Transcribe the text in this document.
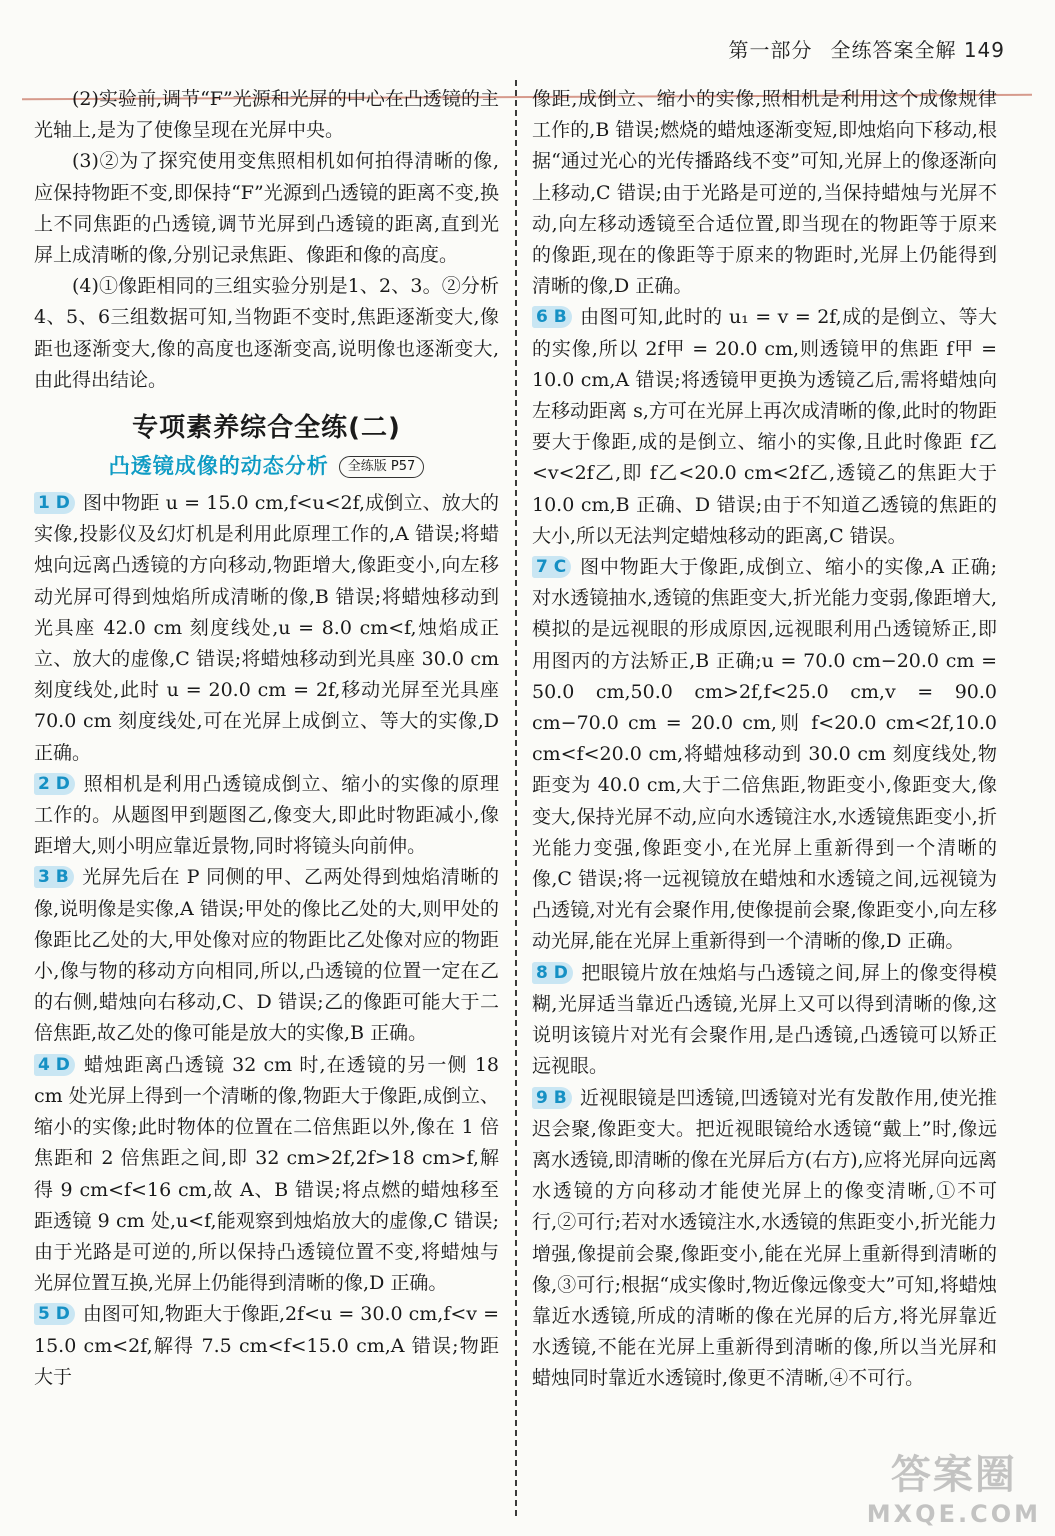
第一部分 全练答案全解 149

(2)实验前,调节“F”光源和光屏的中心在凸透镜的主光轴上,是为了使像呈现在光屏中央。

(3)②为了探究使用变焦照相机如何拍得清晰的像,应保持物距不变,即保持“F”光源到凸透镜的距离不变,换上不同焦距的凸透镜,调节光屏到凸透镜的距离,直到光屏上成清晰的像,分别记录焦距、像距和像的高度。

(4)①像距相同的三组实验分别是1、2、3。②分析4、5、6三组数据可知,当物距不变时,焦距逐渐变大,像距也逐渐变大,像的高度也逐渐变高,说明像也逐渐变大,由此得出结论。

专项素养综合全练(二)
凸透镜成像的动态分析	全练版 P57

1 D 图中物距 u = 15.0 cm,f<u<2f,成倒立、放大的实像,投影仪及幻灯机是利用此原理工作的,A 错误;将蜡烛向远离凸透镜的方向移动,物距增大,像距变小,向左移动光屏可得到烛焰所成清晰的像,B 错误;将蜡烛移动到光具座 42.0 cm 刻度线处,u = 8.0 cm<f,烛焰成正立、放大的虚像,C 错误;将蜡烛移动到光具座 30.0 cm 刻度线处,此时 u = 20.0 cm = 2f,移动光屏至光具座 70.0 cm 刻度线处,可在光屏上成倒立、等大的实像,D 正确。

2 D 照相机是利用凸透镜成倒立、缩小的实像的原理工作的。从题图甲到题图乙,像变大,即此时物距减小,像距增大,则小明应靠近景物,同时将镜头向前伸。

3 B 光屏先后在 P 同侧的甲、乙两处得到烛焰清晰的像,说明像是实像,A 错误;甲处的像比乙处的大,则甲处的像距比乙处的大,甲处像对应的物距比乙处像对应的物距小,像与物的移动方向相同,所以,凸透镜的位置一定在乙的右侧,蜡烛向右移动,C、D 错误;乙的像距可能大于二倍焦距,故乙处的像可能是放大的实像,B 正确。

4 D 蜡烛距离凸透镜 32 cm 时,在透镜的另一侧 18 cm 处光屏上得到一个清晰的像,物距大于像距,成倒立、缩小的实像;此时物体的位置在二倍焦距以外,像在 1 倍焦距和 2 倍焦距之间,即 32 cm>2f,2f>18 cm>f,解得 9 cm<f<16 cm,故 A、B 错误;将点燃的蜡烛移至距透镜 9 cm 处,u<f,能观察到烛焰放大的虚像,C 错误;由于光路是可逆的,所以保持凸透镜位置不变,将蜡烛与光屏位置互换,光屏上仍能得到清晰的像,D 正确。

5 D 由图可知,物距大于像距,2f<u = 30.0 cm,f<v = 15.0 cm<2f,解得 7.5 cm<f<15.0 cm,A 错误;物距大于

像距,成倒立、缩小的实像,照相机是利用这个成像规律工作的,B 错误;燃烧的蜡烛逐渐变短,即烛焰向下移动,根据“通过光心的光传播路线不变”可知,光屏上的像逐渐向上移动,C 错误;由于光路是可逆的,当保持蜡烛与光屏不动,向左移动透镜至合适位置,即当现在的物距等于原来的像距,现在的像距等于原来的物距时,光屏上仍能得到清晰的像,D 正确。

6 B 由图可知,此时的 u₁ = v = 2f,成的是倒立、等大的实像,所以 2f甲 = 20.0 cm,则透镜甲的焦距 f甲 = 10.0 cm,A 错误;将透镜甲更换为透镜乙后,需将蜡烛向左移动距离 s,方可在光屏上再次成清晰的像,此时的物距要大于像距,成的是倒立、缩小的实像,且此时像距 f乙<v<2f乙,即 f乙<20.0 cm<2f乙,透镜乙的焦距大于 10.0 cm,B 正确、D 错误;由于不知道乙透镜的焦距的大小,所以无法判定蜡烛移动的距离,C 错误。

7 C 图中物距大于像距,成倒立、缩小的实像,A 正确;对水透镜抽水,透镜的焦距变大,折光能力变弱,像距增大,模拟的是远视眼的形成原因,远视眼利用凸透镜矫正,即用图丙的方法矫正,B 正确;u = 70.0 cm−20.0 cm = 50.0 cm,50.0 cm>2f,f<25.0 cm,v = 90.0 cm−70.0 cm = 20.0 cm,则 f<20.0 cm<2f,10.0 cm<f<20.0 cm,将蜡烛移动到 30.0 cm 刻度线处,物距变为 40.0 cm,大于二倍焦距,物距变小,像距变大,像变大,保持光屏不动,应向水透镜注水,水透镜焦距变小,折光能力变强,像距变小,在光屏上重新得到一个清晰的像,C 错误;将一远视镜放在蜡烛和水透镜之间,远视镜为凸透镜,对光有会聚作用,使像提前会聚,像距变小,向左移动光屏,能在光屏上重新得到一个清晰的像,D 正确。

8 D 把眼镜片放在烛焰与凸透镜之间,屏上的像变得模糊,光屏适当靠近凸透镜,光屏上又可以得到清晰的像,这说明该镜片对光有会聚作用,是凸透镜,凸透镜可以矫正远视眼。

9 B 近视眼镜是凹透镜,凹透镜对光有发散作用,使光推迟会聚,像距变大。把近视眼镜给水透镜“戴上”时,像远离水透镜,即清晰的像在光屏后方(右方),应将光屏向远离水透镜的方向移动才能使光屏上的像变清晰,①不可行,②可行;若对水透镜注水,水透镜的焦距变小,折光能力增强,像提前会聚,像距变小,能在光屏上重新得到清晰的像,③可行;根据“成实像时,物近像远像变大”可知,将蜡烛靠近水透镜,所成的清晰的像在光屏的后方,将光屏靠近水透镜,不能在光屏上重新得到清晰的像,所以当光屏和蜡烛同时靠近水透镜时,像更不清晰,④不可行。

答案圈
MXQE.COM
